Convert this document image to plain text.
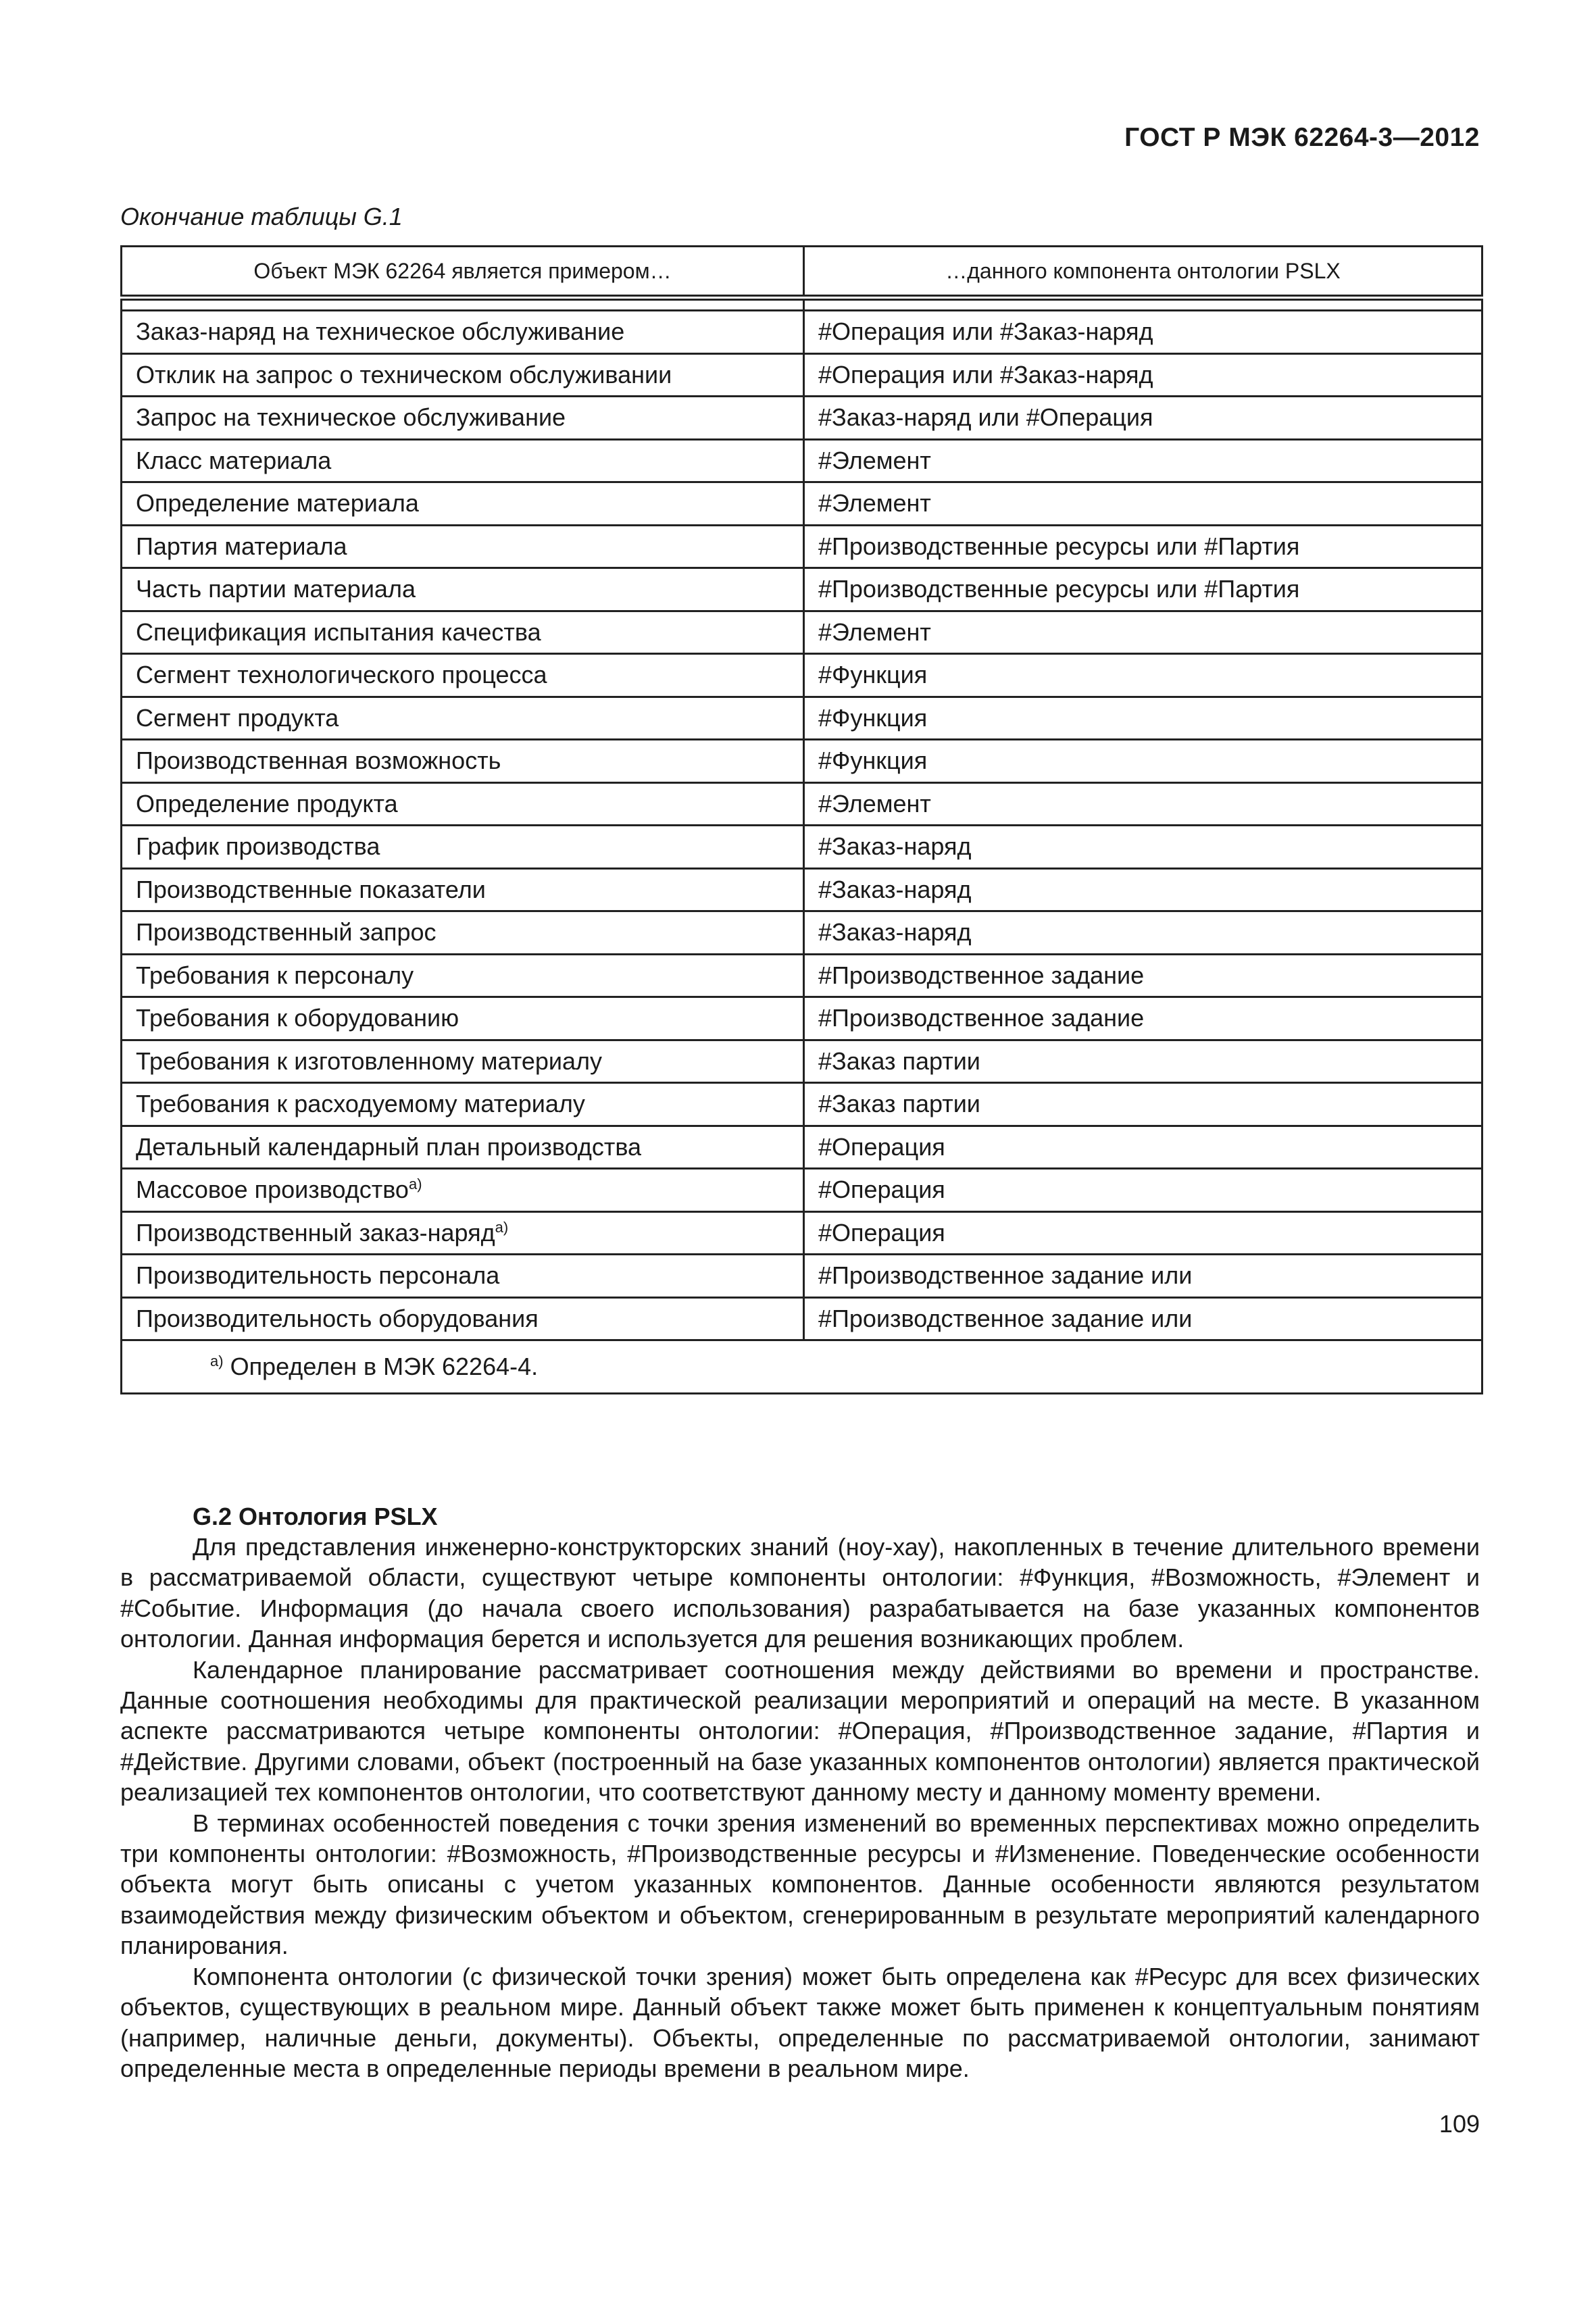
ГОСТ Р МЭК 62264-3—2012
Окончание таблицы G.1
Объект МЭК 62264 является примером…	…данного компонента онтологии PSLX

Заказ-наряд на техническое обслуживание	#Операция или #Заказ-наряд
Отклик на запрос о техническом обслуживании	#Операция или #Заказ-наряд
Запрос на техническое обслуживание	#Заказ-наряд или #Операция
Класс материала	#Элемент
Определение материала	#Элемент
Партия материала	#Производственные ресурсы или #Партия
Часть партии материала	#Производственные ресурсы или #Партия
Спецификация испытания качества	#Элемент
Сегмент технологического процесса	#Функция
Сегмент продукта	#Функция
Производственная возможность	#Функция
Определение продукта	#Элемент
График производства	#Заказ-наряд
Производственные показатели	#Заказ-наряд
Производственный запрос	#Заказ-наряд
Требования к персоналу	#Производственное задание
Требования к оборудованию	#Производственное задание
Требования к изготовленному материалу	#Заказ партии
Требования к расходуемому материалу	#Заказ партии
Детальный календарный план производства	#Операция
Массовое производство$^{а)}$	#Операция
Производственный заказ-наряд$^{а)}$	#Операция
Производительность персонала	#Производственное задание или
Производительность оборудования	#Производственное задание или
$^{а)}$ Определен в МЭК 62264-4.	
G.2 Онтология PSLX

Для представления инженерно-конструкторских знаний (ноу-хау), накопленных в течение длительного времени в рассматриваемой области, существуют четыре компоненты онтологии: #Функция, #Возможность, #Элемент и #Событие. Информация (до начала своего использования) разрабатывается на базе указанных компонентов онтологии. Данная информация берется и используется для решения возникающих проблем.

Календарное планирование рассматривает соотношения между действиями во времени и пространстве. Данные соотношения необходимы для практической реализации мероприятий и операций на месте. В указанном аспекте рассматриваются четыре компоненты онтологии: #Операция, #Производственное задание, #Партия и #Действие. Другими словами, объект (построенный на базе указанных компонентов онтологии) является практической реализацией тех компонентов онтологии, что соответствуют данному месту и данному моменту времени.

В терминах особенностей поведения с точки зрения изменений во временных перспективах можно определить три компоненты онтологии: #Возможность, #Производственные ресурсы и #Изменение. Поведенческие особенности объекта могут быть описаны с учетом указанных компонентов. Данные особенности являются результатом взаимодействия между физическим объектом и объектом, сгенерированным в результате мероприятий календарного планирования.

Компонента онтологии (с физической точки зрения) может быть определена как #Ресурс для всех физических объектов, существующих в реальном мире. Данный объект также может быть применен к концептуальным понятиям (например, наличные деньги, документы). Объекты, определенные по рассматриваемой онтологии, занимают определенные места в определенные периоды времени в реальном мире.

109
